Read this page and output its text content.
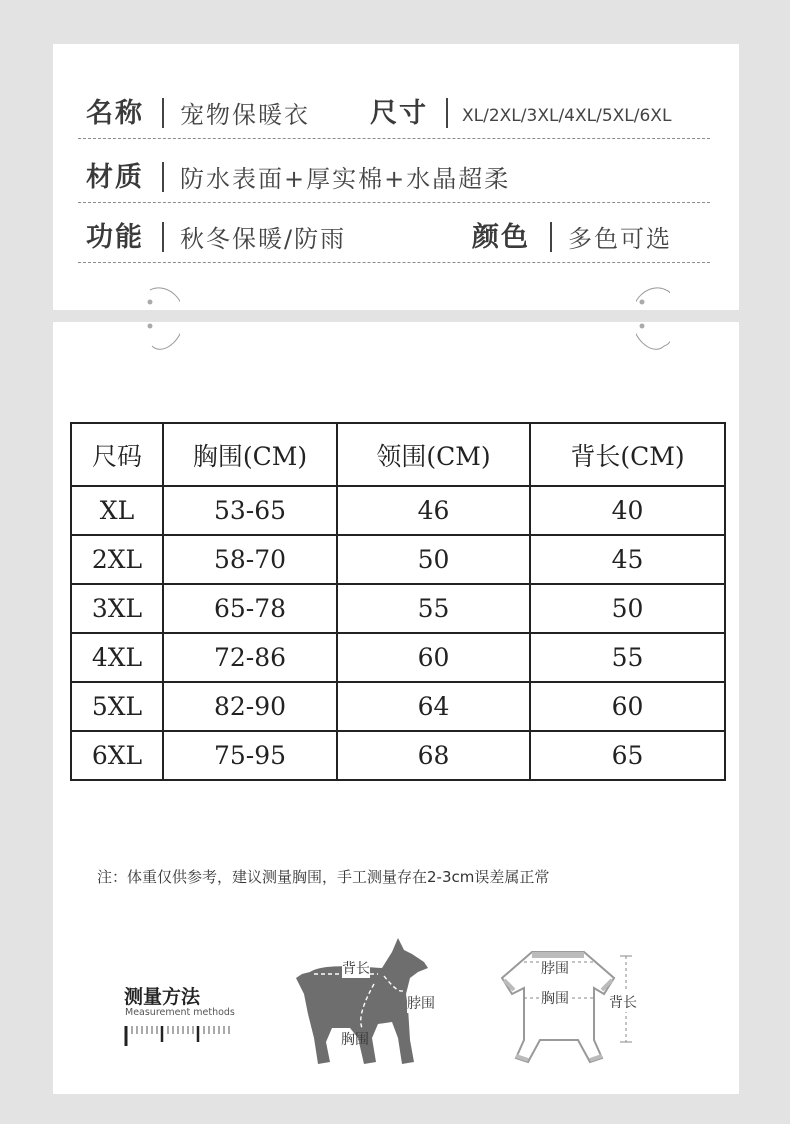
名称 宠物保暖衣 尺寸 XL/2XL/3XL/4XL/5XL/6XL
材质 防水表面+厚实棉+水晶超柔
功能 秋冬保暖/防雨	颜色 多色可选
尺码	胸围(CM)	领围(CM)	背长(CM)
XL	53-65	46	40
2XL	58-70	50	45
3XL	65-78	55	50
4XL	72-86	60	55
5XL	82-90	64	60
6XL	75-95	68	65
注：体重仅供参考，建议测量胸围，手工测量存在2-3cm误差属正常
测量方法
Measurement methods
背长
脖围
胸围
脖围
胸围	背长
